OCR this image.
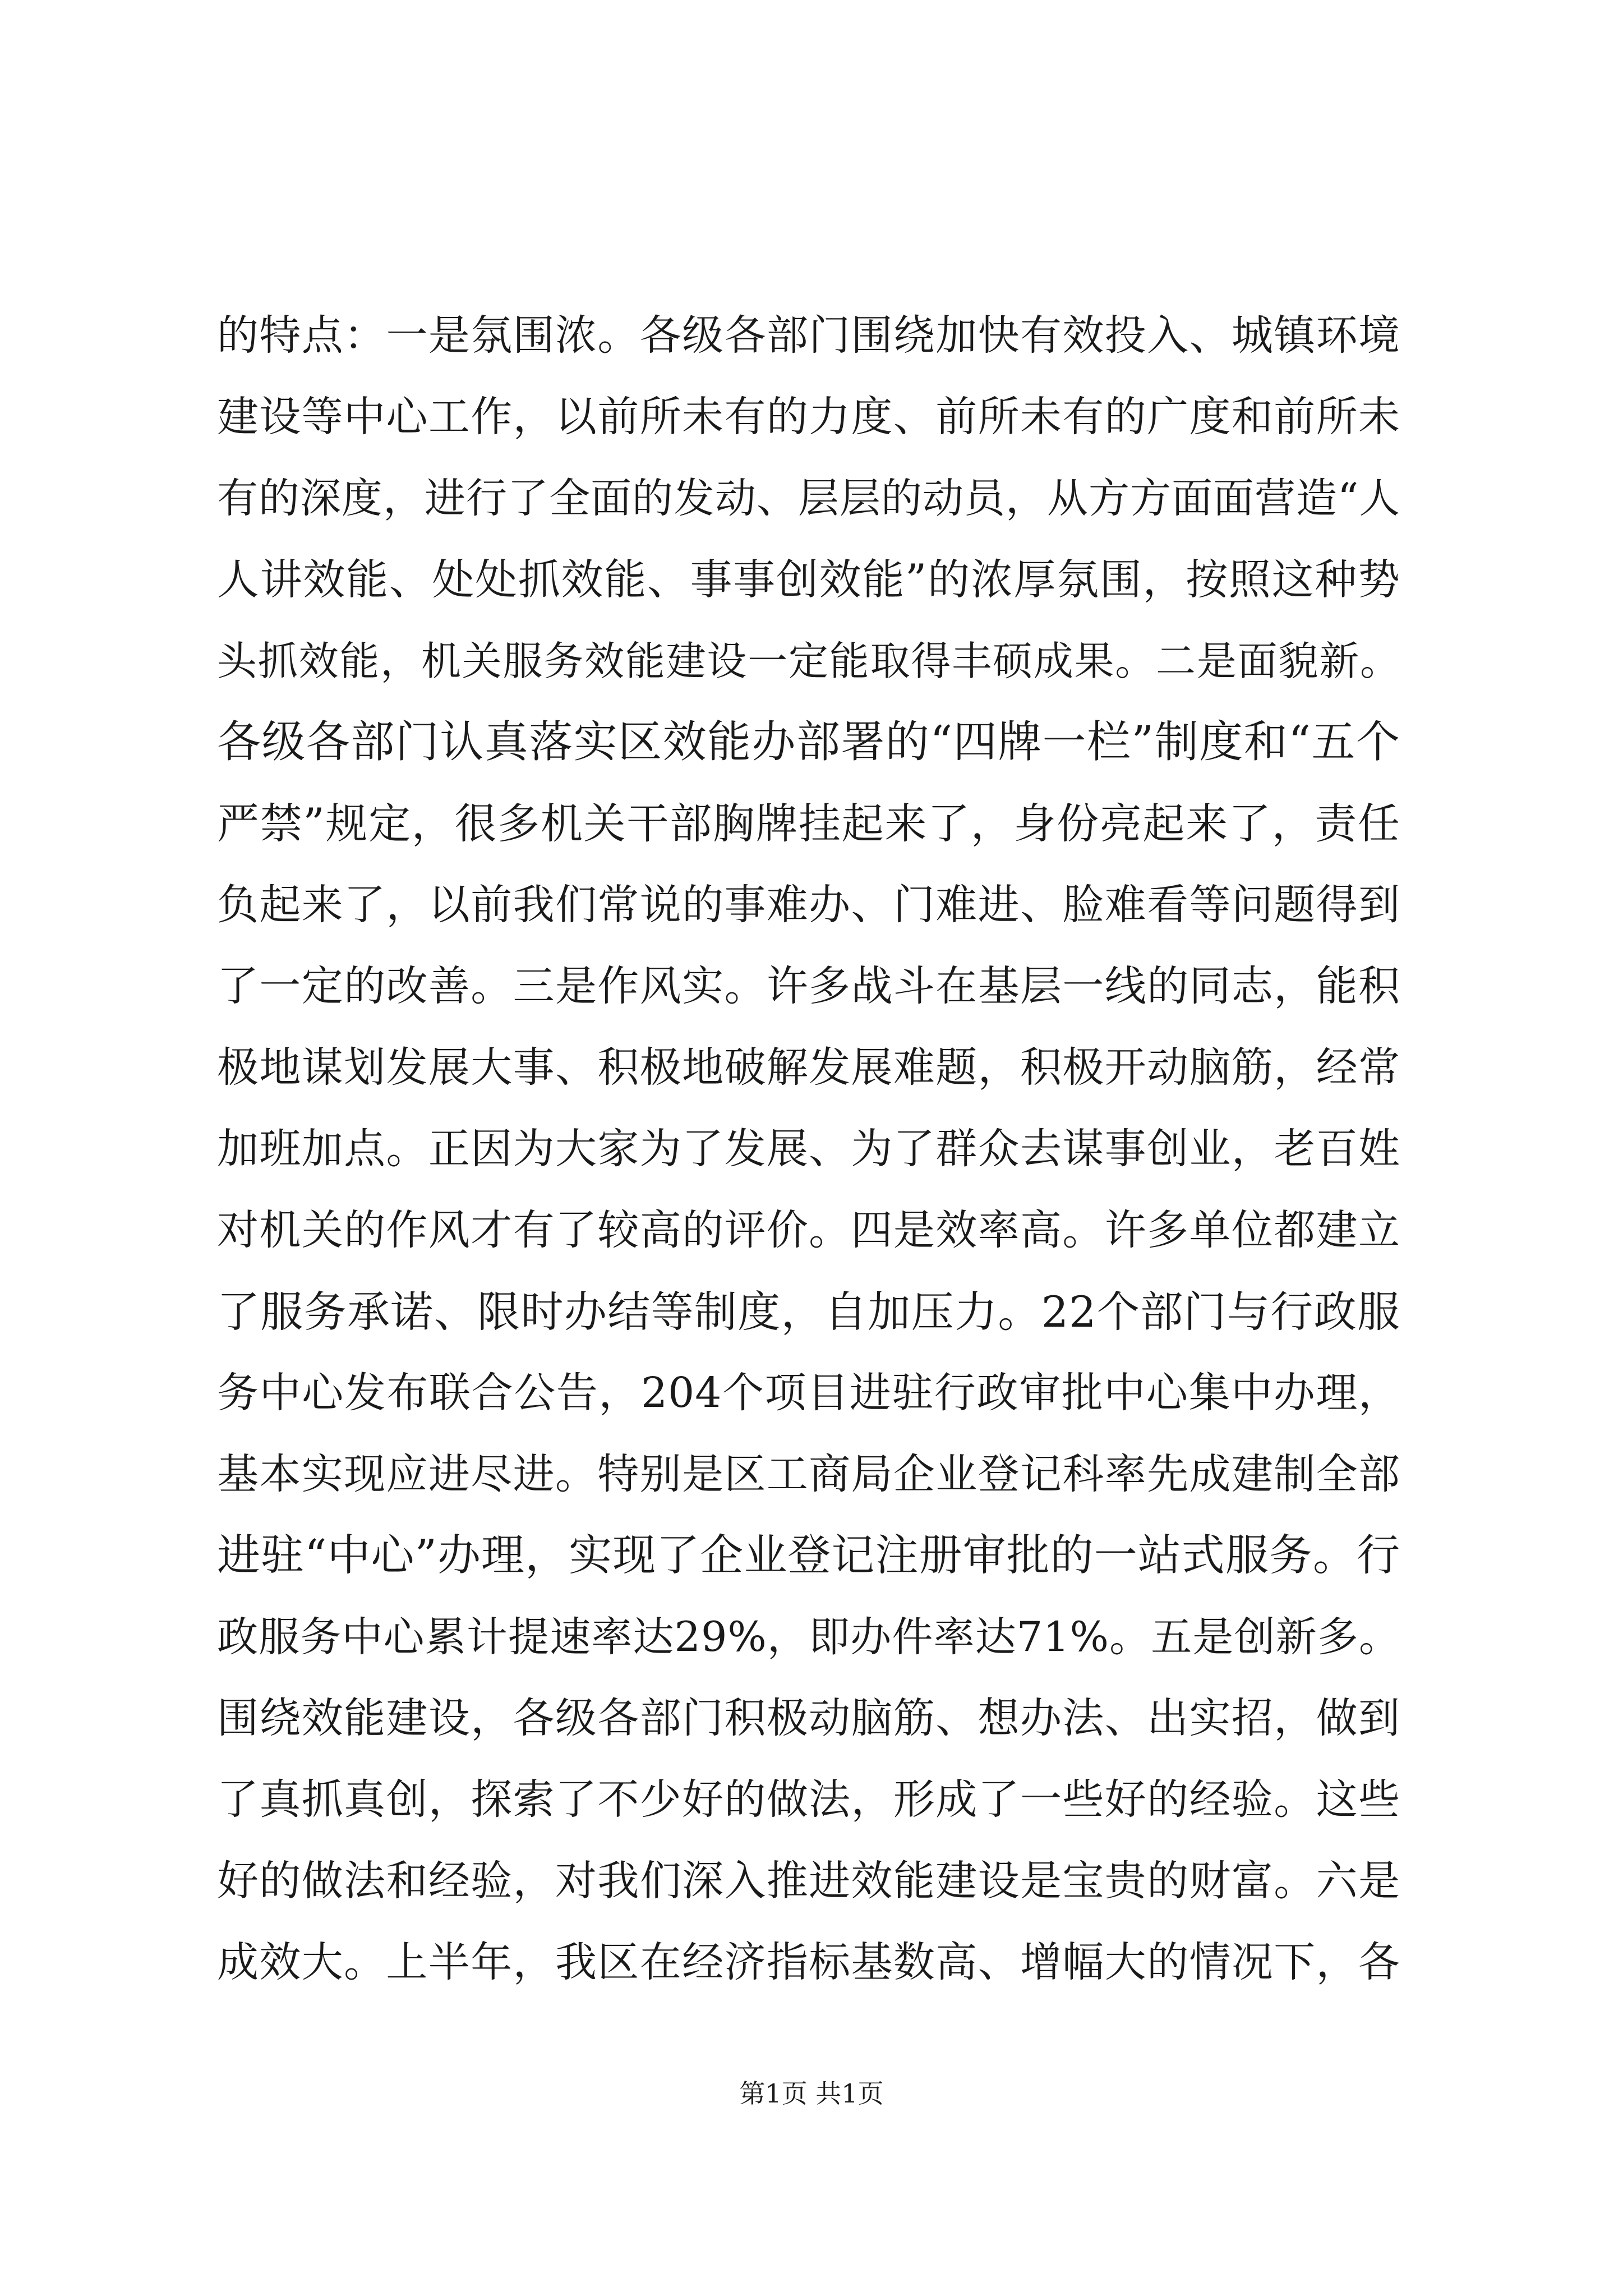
的特点：一是氛围浓。各级各部门围绕加快有效投入、城镇环境
建设等中心工作，以前所未有的力度、前所未有的广度和前所未
有的深度，进行了全面的发动、层层的动员，从方方面面营造“人
人讲效能、处处抓效能、事事创效能”的浓厚氛围，按照这种势
头抓效能，机关服务效能建设一定能取得丰硕成果。二是面貌新。
各级各部门认真落实区效能办部署的“四牌一栏”制度和“五个
严禁”规定，很多机关干部胸牌挂起来了，身份亮起来了，责任
负起来了，以前我们常说的事难办、门难进、脸难看等问题得到
了一定的改善。三是作风实。许多战斗在基层一线的同志，能积
极地谋划发展大事、积极地破解发展难题，积极开动脑筋，经常
加班加点。正因为大家为了发展、为了群众去谋事创业，老百姓
对机关的作风才有了较高的评价。四是效率高。许多单位都建立
了服务承诺、限时办结等制度，自加压力。22个部门与行政服
务中心发布联合公告，204个项目进驻行政审批中心集中办理，
基本实现应进尽进。特别是区工商局企业登记科率先成建制全部
进驻“中心”办理，实现了企业登记注册审批的一站式服务。行
政服务中心累计提速率达29%，即办件率达71%。五是创新多。
围绕效能建设，各级各部门积极动脑筋、想办法、出实招，做到
了真抓真创，探索了不少好的做法，形成了一些好的经验。这些
好的做法和经验，对我们深入推进效能建设是宝贵的财富。六是
成效大。上半年，我区在经济指标基数高、增幅大的情况下，各
第1页 共1页
